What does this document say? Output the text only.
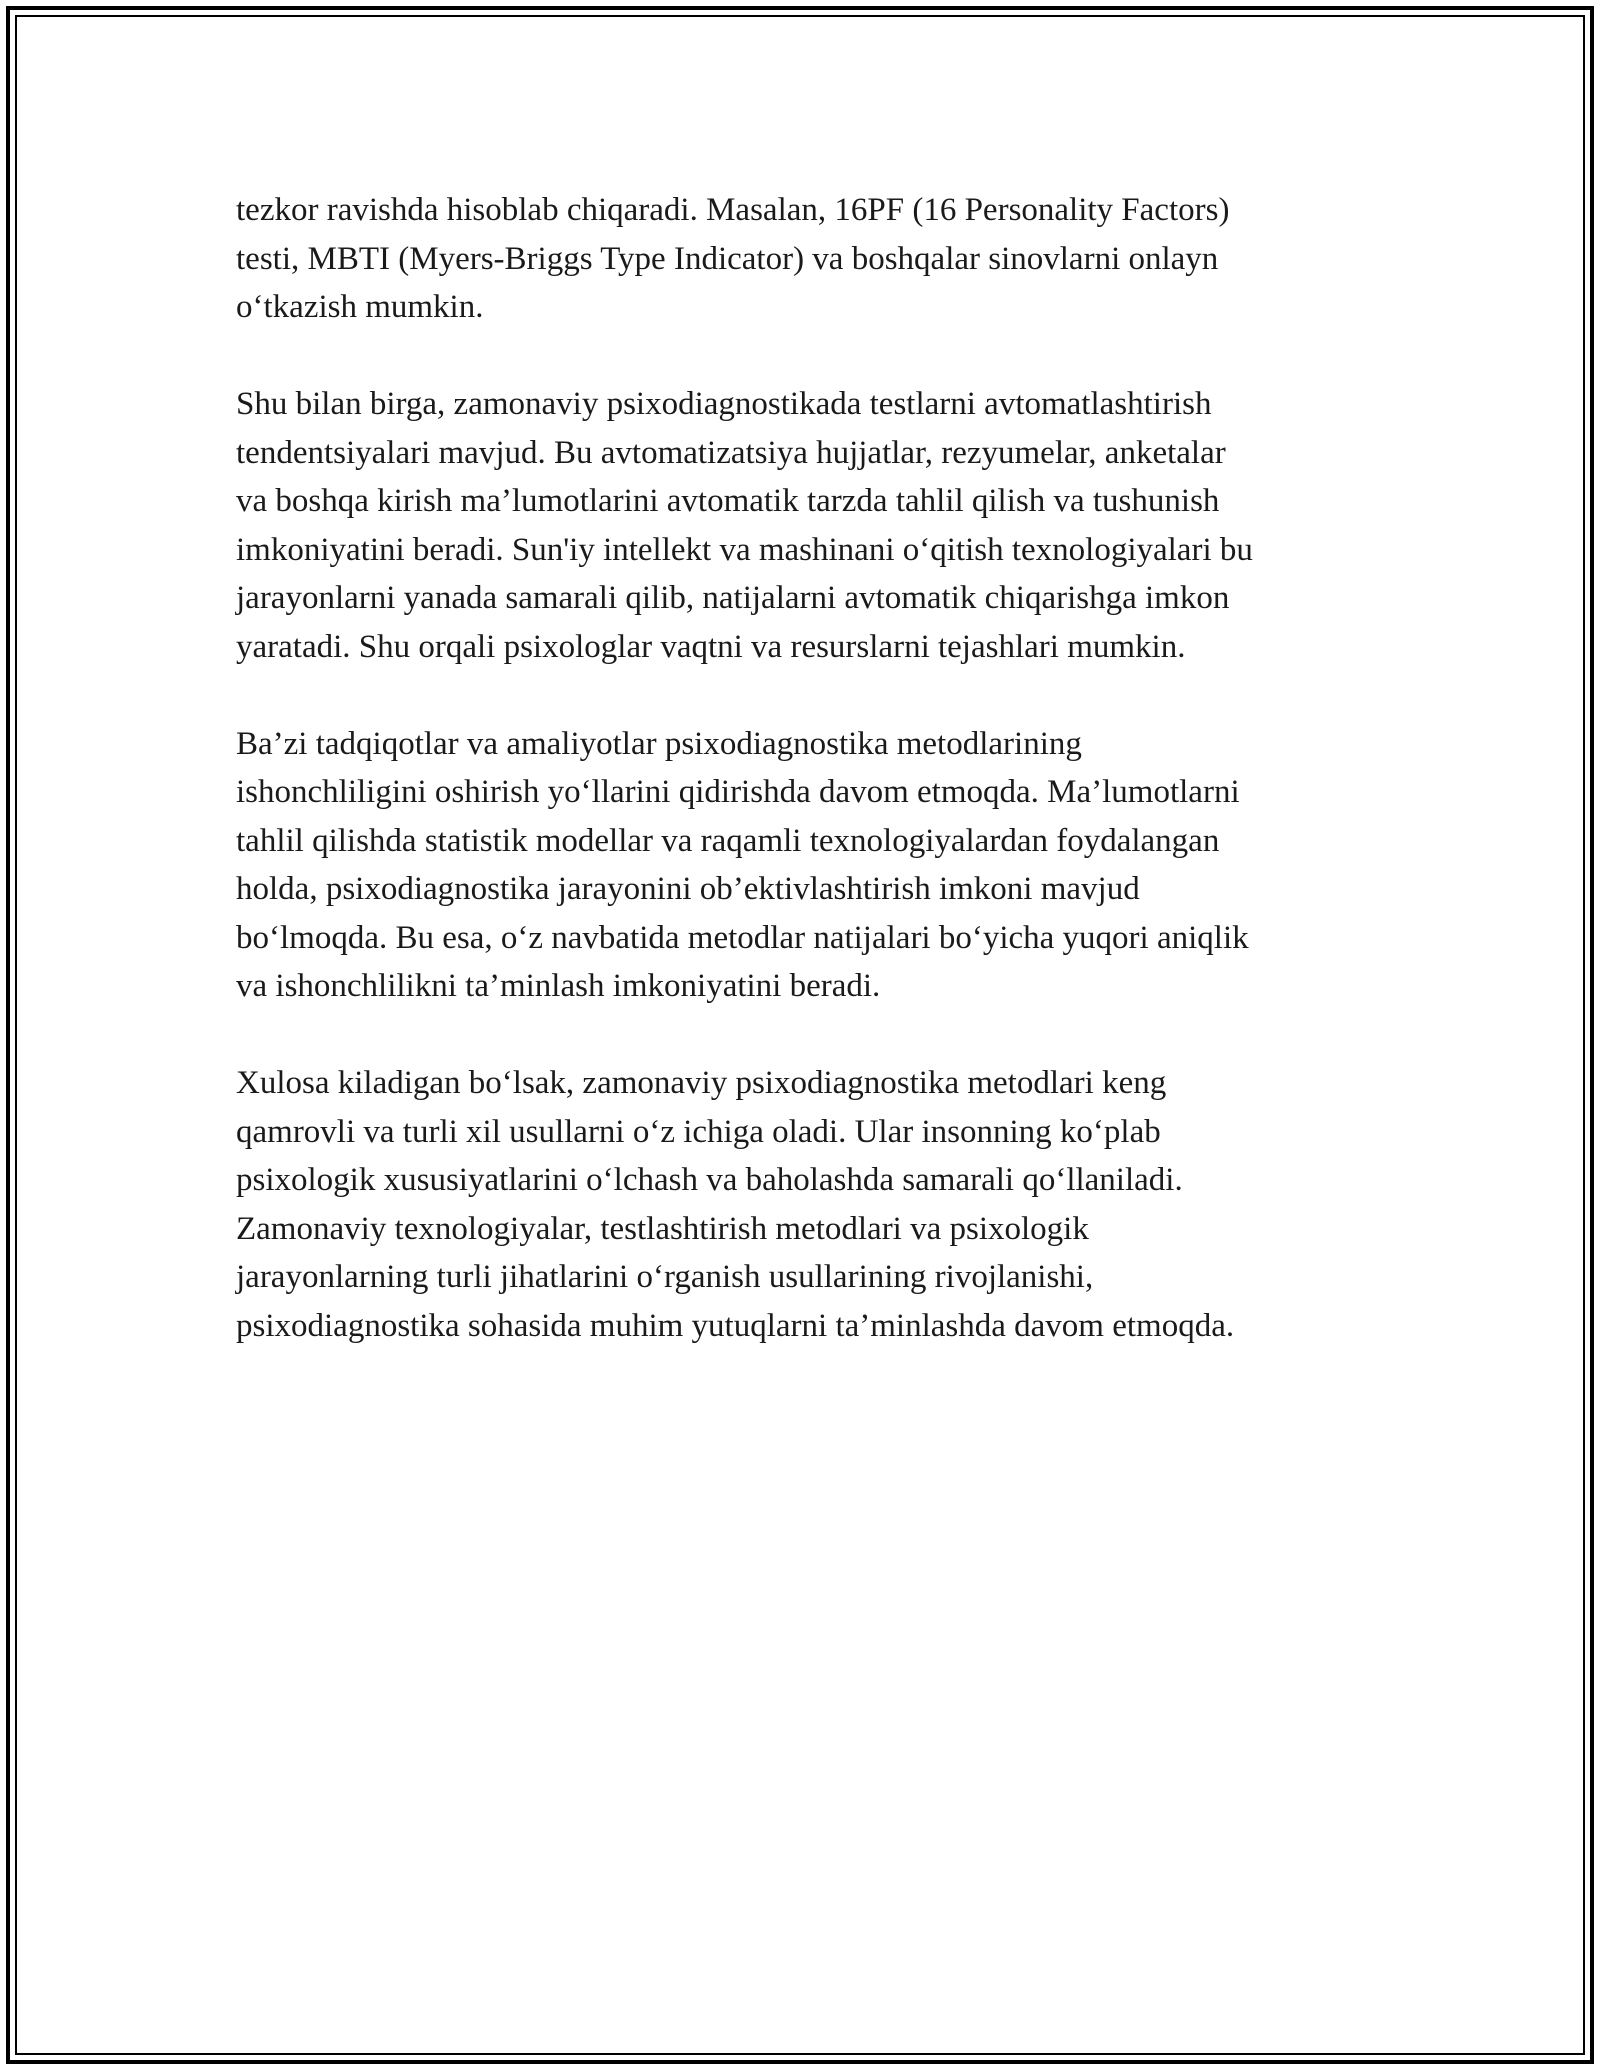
tezkor ravishda hisoblab chiqaradi. Masalan, 16PF (16 Personality Factors)
testi, MBTI (Myers-Briggs Type Indicator) va boshqalar sinovlarni onlayn
o‘tkazish mumkin.

Shu bilan birga, zamonaviy psixodiagnostikada testlarni avtomatlashtirish
tendentsiyalari mavjud. Bu avtomatizatsiya hujjatlar, rezyumelar, anketalar
va boshqa kirish ma’lumotlarini avtomatik tarzda tahlil qilish va tushunish
imkoniyatini beradi. Sun'iy intellekt va mashinani o‘qitish texnologiyalari bu
jarayonlarni yanada samarali qilib, natijalarni avtomatik chiqarishga imkon
yaratadi. Shu orqali psixologlar vaqtni va resurslarni tejashlari mumkin.

Ba’zi tadqiqotlar va amaliyotlar psixodiagnostika metodlarining
ishonchliligini oshirish yo‘llarini qidirishda davom etmoqda. Ma’lumotlarni
tahlil qilishda statistik modellar va raqamli texnologiyalardan foydalangan
holda, psixodiagnostika jarayonini ob’ektivlashtirish imkoni mavjud
bo‘lmoqda. Bu esa, o‘z navbatida metodlar natijalari bo‘yicha yuqori aniqlik
va ishonchlilikni ta’minlash imkoniyatini beradi.

Xulosa kiladigan bo‘lsak, zamonaviy psixodiagnostika metodlari keng
qamrovli va turli xil usullarni o‘z ichiga oladi. Ular insonning ko‘plab
psixologik xususiyatlarini o‘lchash va baholashda samarali qo‘llaniladi.
Zamonaviy texnologiyalar, testlashtirish metodlari va psixologik
jarayonlarning turli jihatlarini o‘rganish usullarining rivojlanishi,
psixodiagnostika sohasida muhim yutuqlarni ta’minlashda davom etmoqda.
